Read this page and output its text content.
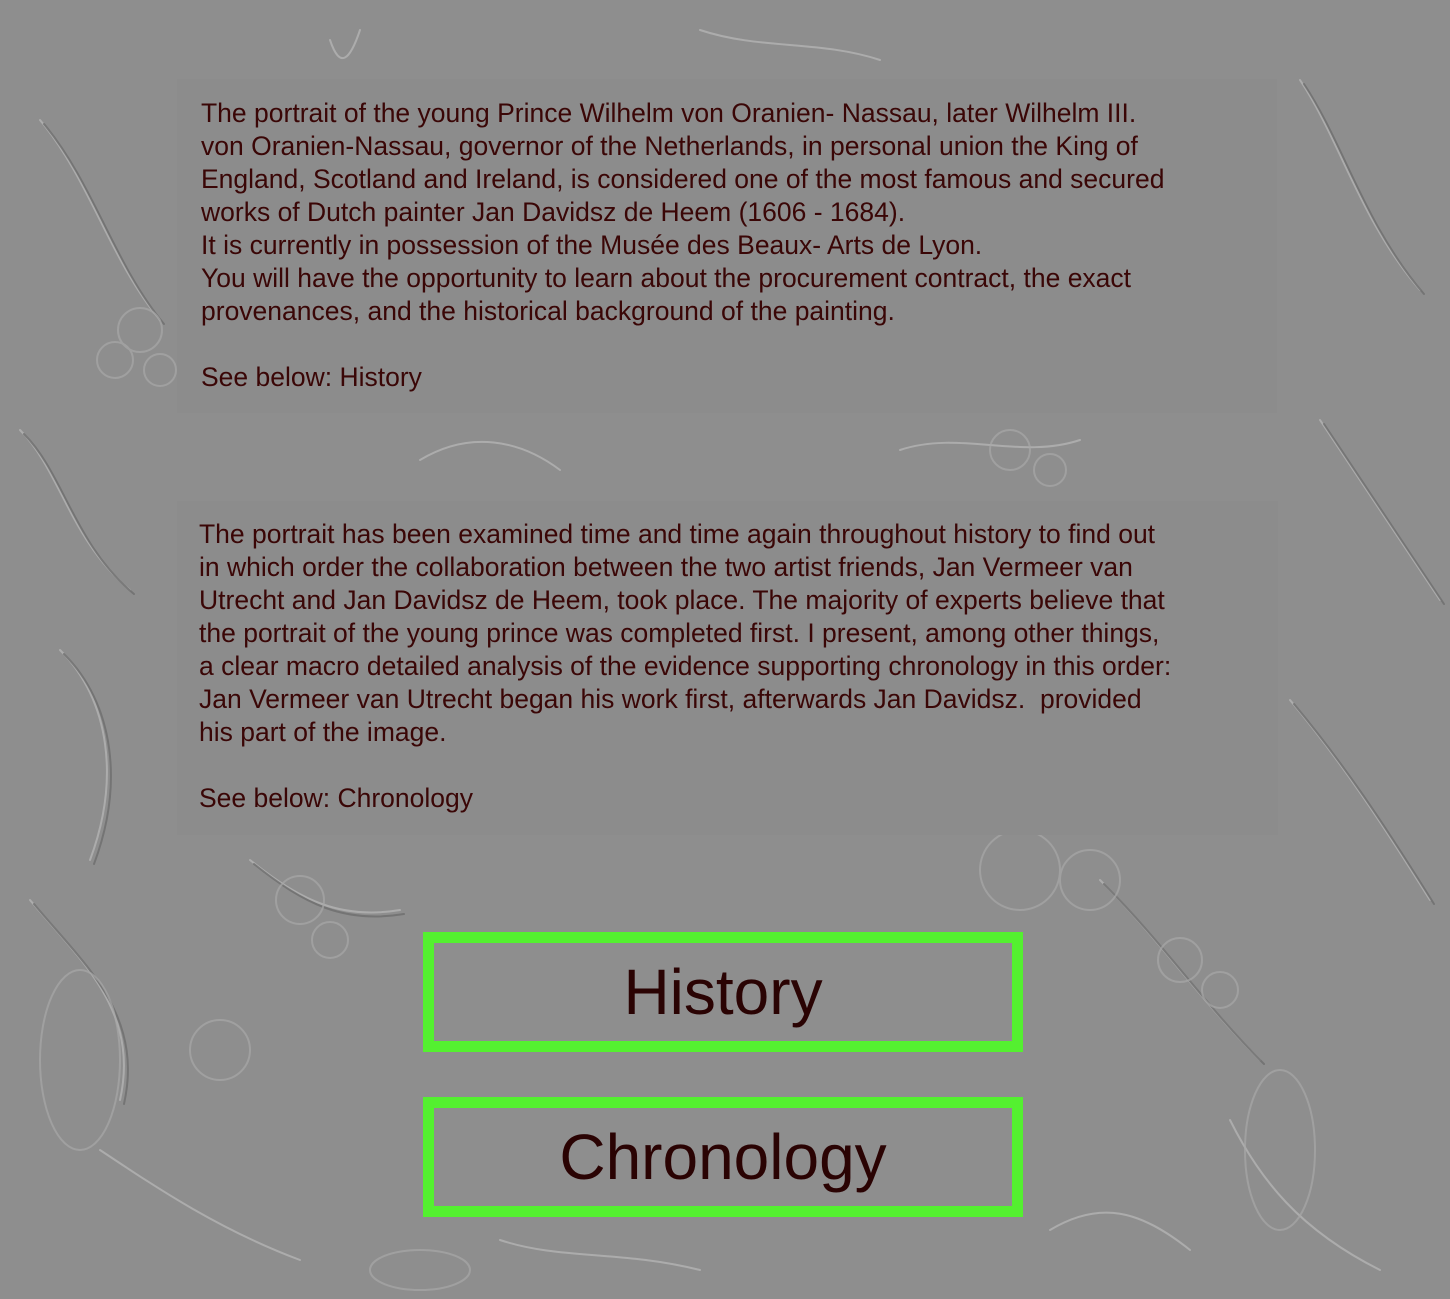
The portrait of the young Prince Wilhelm von Oranien- Nassau, later Wilhelm III.
von Oranien-Nassau, governor of the Netherlands, in personal union the King of
England, Scotland and Ireland, is considered one of the most famous and secured
works of Dutch painter Jan Davidsz de Heem (1606 - 1684).
It is currently in possession of the Musée des Beaux- Arts de Lyon.
You will have the opportunity to learn about the procurement contract, the exact
provenances, and the historical background of the painting.

See below: History

The portrait has been examined time and time again throughout history to find out
in which order the collaboration between the two artist friends, Jan Vermeer van
Utrecht and Jan Davidsz de Heem, took place. The majority of experts believe that
the portrait of the young prince was completed first. I present, among other things,
a clear macro detailed analysis of the evidence supporting chronology in this order:
Jan Vermeer van Utrecht began his work first, afterwards Jan Davidsz.  provided
his part of the image.

See below: Chronology

History
Chronology
